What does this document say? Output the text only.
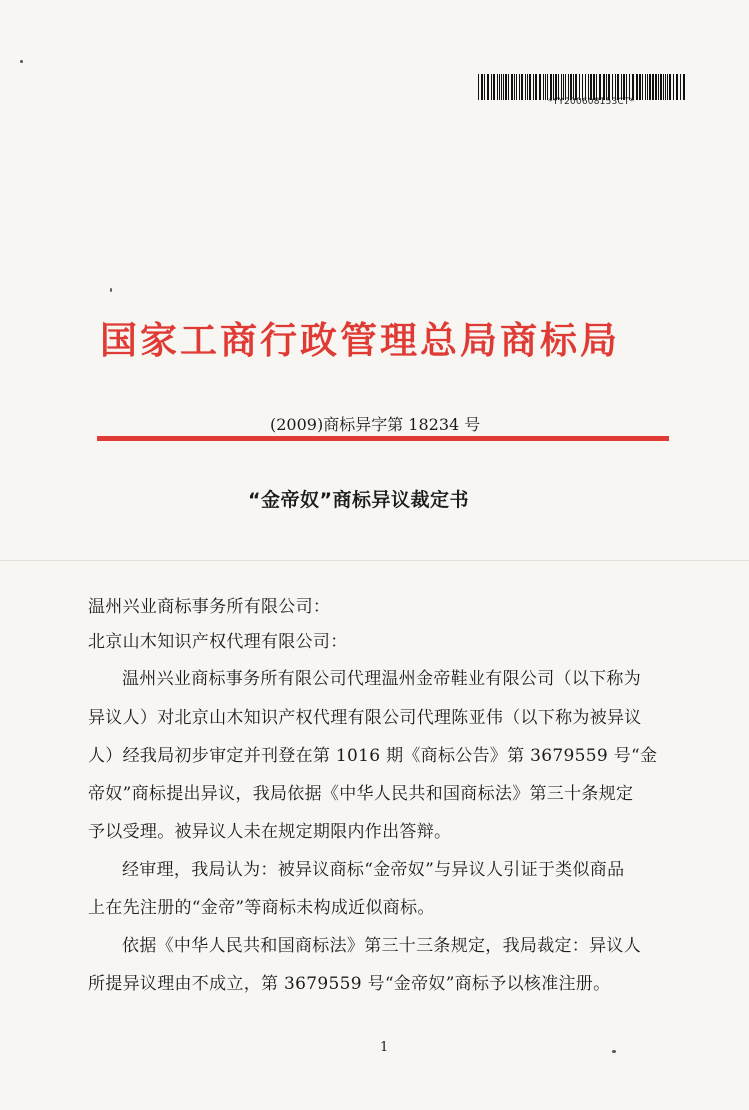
*YY200608153CT*
国家工商行政管理总局商标局
(2009)商标异字第 18234 号
“金帝奴”商标异议裁定书
温州兴业商标事务所有限公司：
北京山木知识产权代理有限公司：
温州兴业商标事务所有限公司代理温州金帝鞋业有限公司（以下称为
异议人）对北京山木知识产权代理有限公司代理陈亚伟（以下称为被异议
人）经我局初步审定并刊登在第 1016 期《商标公告》第 3679559 号“金
帝奴”商标提出异议，我局依据《中华人民共和国商标法》第三十条规定
予以受理。被异议人未在规定期限内作出答辩。
经审理，我局认为：被异议商标“金帝奴”与异议人引证于类似商品
上在先注册的“金帝”等商标未构成近似商标。
依据《中华人民共和国商标法》第三十三条规定，我局裁定：异议人
所提异议理由不成立，第 3679559 号“金帝奴”商标予以核准注册。
1
